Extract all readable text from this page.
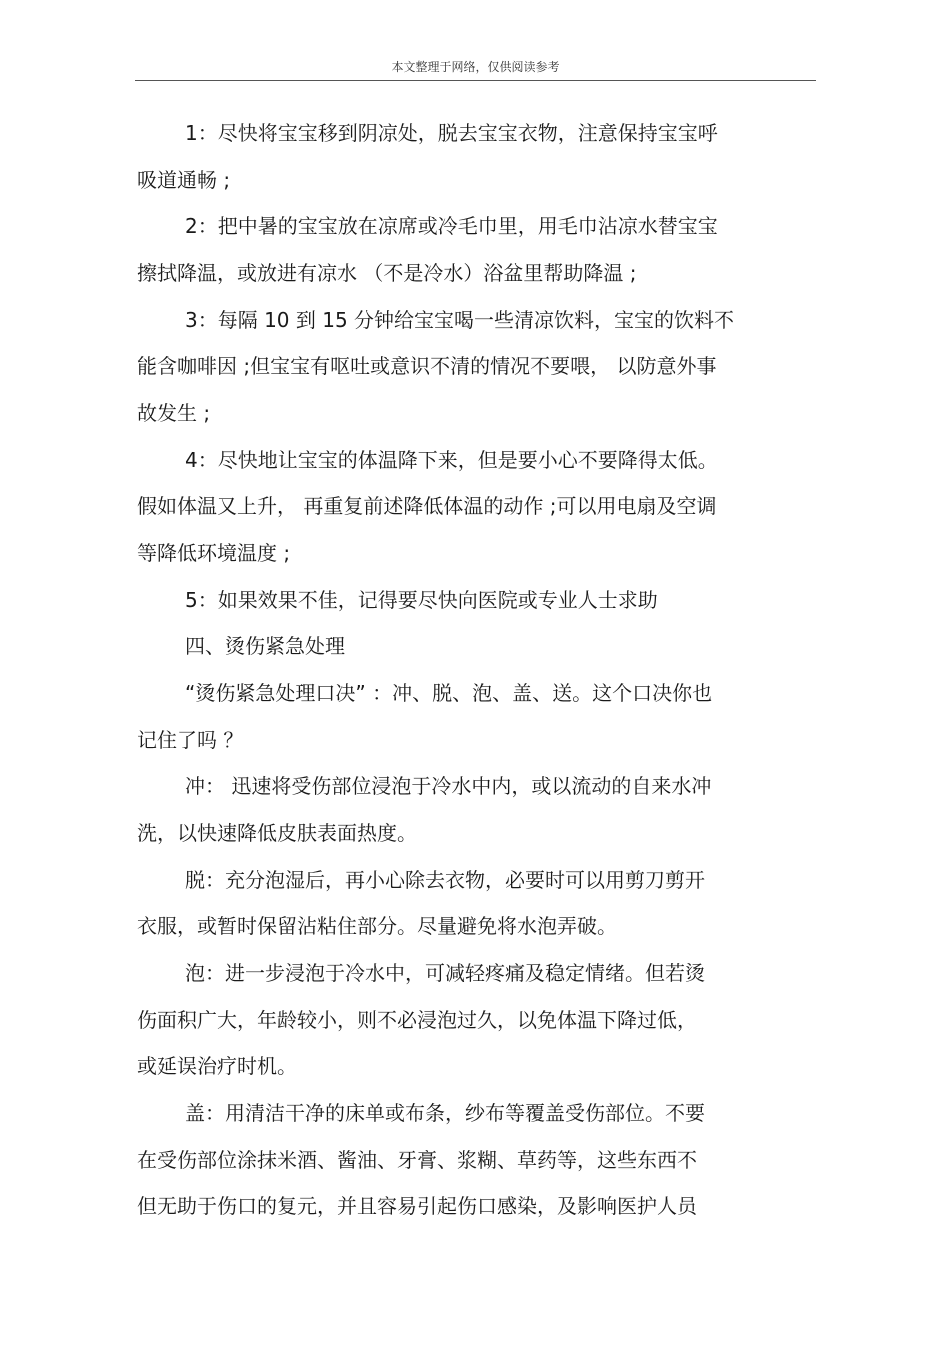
本文整理于网络，仅供阅读参考
1：尽快将宝宝移到阴凉处，脱去宝宝衣物，注意保持宝宝呼
吸道通畅 ;
2：把中暑的宝宝放在凉席或冷毛巾里，用毛巾沾凉水替宝宝
擦拭降温，或放进有凉水 （不是冷水）浴盆里帮助降温 ;
3：每隔 10 到 15 分钟给宝宝喝一些清凉饮料，宝宝的饮料不
能含咖啡因 ;但宝宝有呕吐或意识不清的情况不要喂， 以防意外事
故发生 ;
4：尽快地让宝宝的体温降下来，但是要小心不要降得太低。
假如体温又上升， 再重复前述降低体温的动作 ;可以用电扇及空调
等降低环境温度 ;
5：如果效果不佳，记得要尽快向医院或专业人士求助
四、烫伤紧急处理
“烫伤紧急处理口决” ：冲、脱、泡、盖、送。这个口决你也
记住了吗 ？
冲： 迅速将受伤部位浸泡于冷水中内，或以流动的自来水冲
洗，以快速降低皮肤表面热度。
脱：充分泡湿后，再小心除去衣物，必要时可以用剪刀剪开
衣服，或暂时保留沾粘住部分。尽量避免将水泡弄破。
泡：进一步浸泡于冷水中，可减轻疼痛及稳定情绪。但若烫
伤面积广大，年龄较小，则不必浸泡过久，以免体温下降过低，
或延误治疗时机。
盖：用清洁干净的床单或布条，纱布等覆盖受伤部位。不要
在受伤部位涂抹米酒、酱油、牙膏、浆糊、草药等，这些东西不
但无助于伤口的复元，并且容易引起伤口感染，及影响医护人员
